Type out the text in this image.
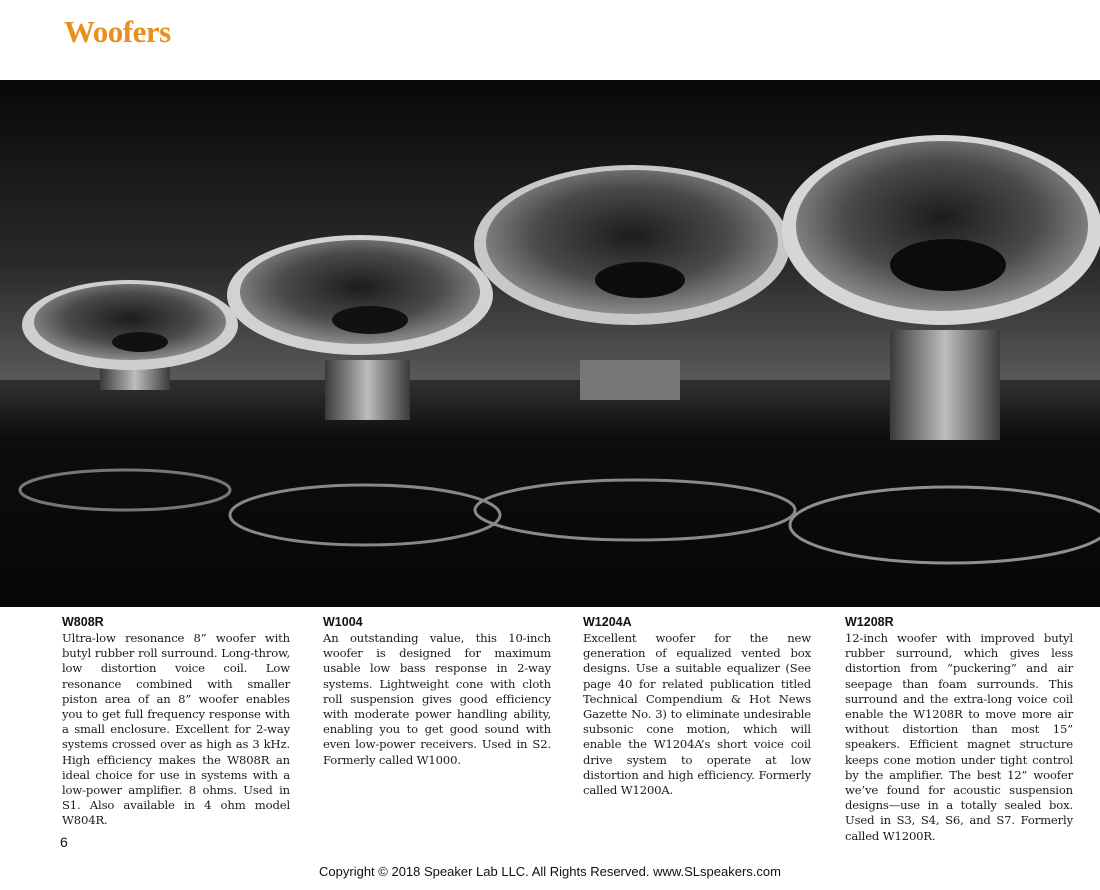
Woofers
W808R
Ultra-low resonance 8” woofer with butyl rubber roll surround. Long-throw, low distortion voice coil. Low resonance combined with smaller piston area of an 8” woofer enables you to get full frequency response with a small enclosure. Excellent for 2-way systems crossed over as high as 3 kHz. High efficiency makes the W808R an ideal choice for use in systems with a low-power amplifier. 8 ohms. Used in S1. Also available in 4 ohm model W804R.
W1004
An outstanding value, this 10-inch woofer is designed for maximum usable low bass response in 2-way systems. Lightweight cone with cloth roll suspension gives good efficiency with moderate power handling ability, enabling you to get good sound with even low-power receivers. Used in S2. Formerly called W1000.
W1204A
Excellent woofer for the new generation of equalized vented box designs. Use a suitable equalizer (See page 40 for related publication titled Technical Compendium & Hot News Gazette No. 3) to eliminate undesirable subsonic cone motion, which will enable the W1204A’s short voice coil drive system to operate at low distortion and high efficiency. Formerly called W1200A.
W1208R
12-inch woofer with improved butyl rubber surround, which gives less distortion from “puckering” and air seepage than foam surrounds. This surround and the extra-long voice coil enable the W1208R to move more air without distortion than most 15” speakers. Efficient magnet structure keeps cone motion under tight control by the amplifier. The best 12” woofer we’ve found for acoustic suspension designs—use in a totally sealed box. Used in S3, S4, S6, and S7. Formerly called W1200R.
6
Copyright © 2018 Speaker Lab LLC. All Rights Reserved. www.SLspeakers.com
